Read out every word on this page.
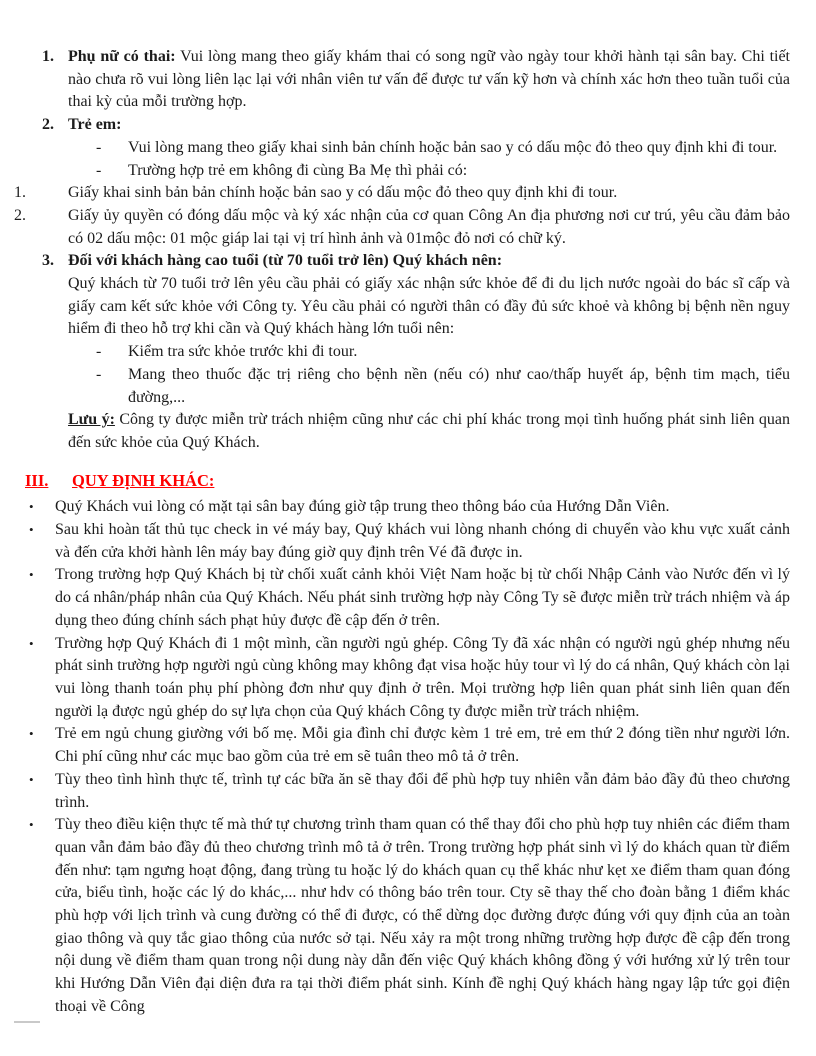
1. Phụ nữ có thai: Vui lòng mang theo giấy khám thai có song ngữ vào ngày tour khởi hành tại sân bay. Chi tiết nào chưa rõ vui lòng liên lạc lại với nhân viên tư vấn để được tư vấn kỹ hơn và chính xác hơn theo tuần tuổi của thai kỳ của mỗi trường hợp.
2. Trẻ em:
- Vui lòng mang theo giấy khai sinh bản chính hoặc bản sao y có dấu mộc đỏ theo quy định khi đi tour.
- Trường hợp trẻ em không đi cùng Ba Mẹ thì phải có:
1.	Giấy khai sinh bản bản chính hoặc bản sao y có dấu mộc đỏ theo quy định khi đi tour.
2.	Giấy ủy quyền có đóng dấu mộc và ký xác nhận của cơ quan Công An địa phương nơi cư trú, yêu cầu đảm bảo có 02 dấu mộc: 01 mộc giáp lai tại vị trí hình ảnh và 01mộc đỏ nơi có chữ ký.
3. Đối với khách hàng cao tuổi (từ 70 tuổi trở lên) Quý khách nên:
Quý khách từ 70 tuổi trở lên yêu cầu phải có giấy xác nhận sức khỏe để đi du lịch nước ngoài do bác sĩ cấp và giấy cam kết sức khỏe với Công ty. Yêu cầu phải có người thân có đầy đủ sức khoẻ và không bị bệnh nền nguy hiểm đi theo hỗ trợ khi cần và Quý khách hàng lớn tuổi nên:
- Kiểm tra sức khỏe trước khi đi tour.
- Mang theo thuốc đặc trị riêng cho bệnh nền (nếu có) như cao/thấp huyết áp, bệnh tim mạch, tiểu đường,...
Lưu ý: Công ty được miễn trừ trách nhiệm cũng như các chi phí khác trong mọi tình huống phát sinh liên quan đến sức khỏe của Quý Khách.
III. QUY ĐỊNH KHÁC:
• Quý Khách vui lòng có mặt tại sân bay đúng giờ tập trung theo thông báo của Hướng Dẫn Viên.
• Sau khi hoàn tất thủ tục check in vé máy bay, Quý khách vui lòng nhanh chóng di chuyển vào khu vực xuất cảnh và đến cửa khởi hành lên máy bay đúng giờ quy định trên Vé đã được in.
• Trong trường hợp Quý Khách bị từ chối xuất cảnh khỏi Việt Nam hoặc bị từ chối Nhập Cảnh vào Nước đến vì lý do cá nhân/pháp nhân của Quý Khách. Nếu phát sinh trường hợp này Công Ty sẽ được miễn trừ trách nhiệm và áp dụng theo đúng chính sách phạt hủy được đề cập đến ở trên.
• Trường hợp Quý Khách đi 1 một mình, cần người ngủ ghép. Công Ty đã xác nhận có người ngủ ghép nhưng nếu phát sinh trường hợp người ngủ cùng không may không đạt visa hoặc hủy tour vì lý do cá nhân, Quý khách còn lại vui lòng thanh toán phụ phí phòng đơn như quy định ở trên. Mọi trường hợp liên quan phát sinh liên quan đến người lạ được ngủ ghép do sự lựa chọn của Quý khách Công ty được miễn trừ trách nhiệm.
• Trẻ em ngủ chung giường với bố mẹ. Mỗi gia đình chỉ được kèm 1 trẻ em, trẻ em thứ 2 đóng tiền như người lớn. Chi phí cũng như các mục bao gồm của trẻ em sẽ tuân theo mô tả ở trên.
• Tùy theo tình hình thực tế, trình tự các bữa ăn sẽ thay đổi để phù hợp tuy nhiên vẫn đảm bảo đầy đủ theo chương trình.
• Tùy theo điều kiện thực tế mà thứ tự chương trình tham quan có thể thay đổi cho phù hợp tuy nhiên các điểm tham quan vẫn đảm bảo đầy đủ theo chương trình mô tả ở trên. Trong trường hợp phát sinh vì lý do khách quan từ điểm đến như: tạm ngưng hoạt động, đang trùng tu hoặc lý do khách quan cụ thể khác như kẹt xe điểm tham quan đóng cửa, biểu tình, hoặc các lý do khác,... như hdv có thông báo trên tour. Cty sẽ thay thế cho đoàn bằng 1 điểm khác phù hợp với lịch trình và cung đường có thể đi được, có thể dừng dọc đường được đúng với quy định của an toàn giao thông và quy tắc giao thông của nước sở tại. Nếu xảy ra một trong những trường hợp được đề cập đến trong nội dung về điểm tham quan trong nội dung này dẫn đến việc Quý khách không đồng ý với hướng xử lý trên tour khi Hướng Dẫn Viên đại diện đưa ra tại thời điểm phát sinh. Kính đề nghị Quý khách hàng ngay lập tức gọi điện thoại về Công
